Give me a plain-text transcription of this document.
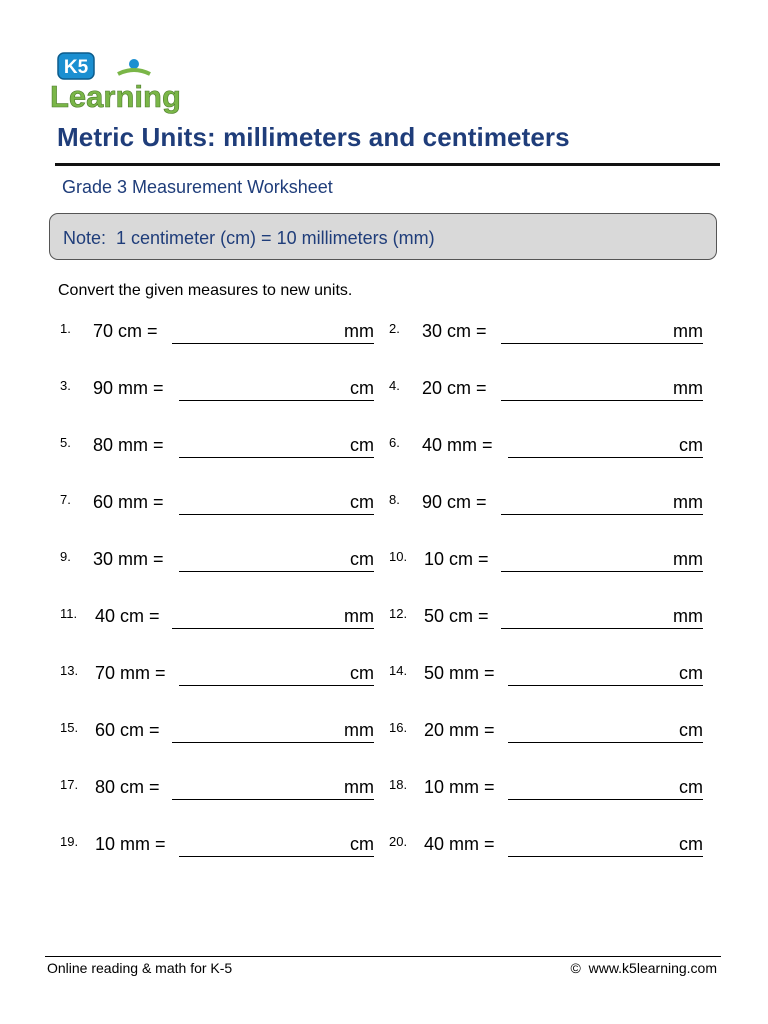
K5
Learning
Metric Units: millimeters and centimeters
Grade 3 Measurement Worksheet
Note:  1 centimeter (cm) = 10 millimeters (mm)
Convert the given measures to new units.
1. 70 cm =	mm 2. 30 cm =	mm
3. 90 mm =	cm 4. 20 cm =	mm
5. 80 mm =	cm 6. 40 mm =	cm
7. 60 mm =	cm 8. 90 cm =	mm
9. 30 mm =	cm 10. 10 cm =	mm
11. 40 cm =	mm 12. 50 cm =	mm
13. 70 mm =	cm 14. 50 mm =	cm
15. 60 cm =	mm 16. 20 mm =	cm
17. 80 cm =	mm 18. 10 mm =	cm
19. 10 mm =	cm 20. 40 mm =	cm
Online reading & math for K-5	©  www.k5learning.com
